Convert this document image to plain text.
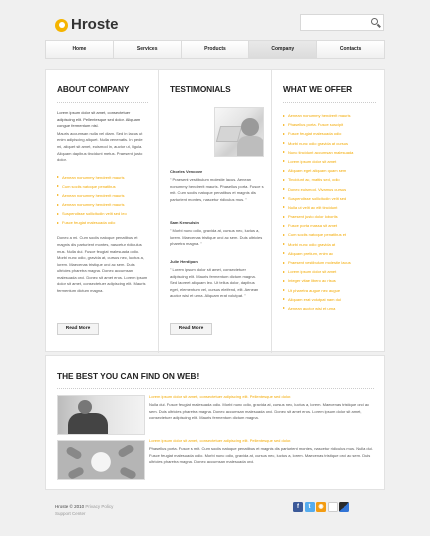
Hroste
Home	Services	Products	Company	Contacts
ABOUT COMPANY
Lorem ipsum dolor sit amet, consectetuer adipiscing elit. Pellentesque sed dolor. Aliquam congue fermentum nisl.
Mauris accumsan nulla vel diam. Sed in lacus ut enim adipiscing aliquet. Nulla venenatis. In pede mi, aliquet sit amet, euismod in, auctor ut, ligula. Aliquam dapibus tincidunt metus. Praesent justo dolor.
Aenean nonummy hendrerit mauris
Cum sociis natoque penatibus
Aenean nonummy hendrerit mauris
Aenean nonummy hendrerit mauris
Suspendisse sollicitudin velit sed leo
Fusce feugiat malesuada odio
Donec a mi. Cum sociis natoque penatibus et magnis dis parturient montes, nascetur ridiculus mus. Nulla dui. Fusce feugiat malesuada odio. Morbi nunc odio, gravida at, cursus nec, luctus a, lorem. Maecenas tristique orci ac sem. Duis ultricies pharetra magna. Donec accumsan malesuada orci. Donec sit amet eros. Lorem ipsum dolor sit amet, consectetuer adipiscing elit. Mauris fermentum dictum magna.
Read More
TESTIMONIALS
Chorles Vencove
" Praesent vestibulum molestie lacus. Aenean nonummy hendrerit mauris. Phasellus porta. Fusce s mit. Cum sociis natoque penatibus et magnis dis parturient montes, nascetur ridiculus mus. "
Sam Kennulsin
" Morbi nunc odio, gravida at, cursus nec, luctus a, lorem. Maecenas tristique orci ac sem. Duis ultricies pharetra magna. "
Julie Herdipon
" Lorem ipsum dolor sit amet, consectetuer adipiscing elit. Mauris fermentum dictum magna. Sed laoreet aliquam leo. Ut tellus dolor, dapibus eget, elementum vel, cursus eleifend, elit. Aenean auctor wisi et urna. Aliquam erat volutpat. "
Read More
WHAT WE OFFER
Aenean nonummy hendrerit mauris
Phasellus porta. Fusce suscipit
Fusce feugiat malesuada odio
Morbi nunc odio gravida at cursus
Nunc tincidunt accumsan malesuada
Lorem ipsum dolor sit amet
Aliquam eget aliquam quam sem
Tincidunt ac, mattis sed, odio
Donec euismod. Vivamus cursus
Suspendisse sollicitudin velit sed
Nulla ut velit ac elit tincidunt
Praesent justo dolor lobortis
Fusce porta massa sit amet
Cum sociis natoque penatibus et
Morbi nunc odio gravida at
Aliquam pretium, enim ac
Praesent vestibulum molestie lacus
Lorem ipsum dolor sit amet
Integer vitae libero ac risus
Ut pharetra augue nec augue
Aliquam erat volutpat nam dui
Aenean auctor wisi et urna
THE BEST YOU CAN FIND ON WEB!
Lorem ipsum dolor sit amet, consectetuer adipiscing elit. Pellentesque sed dolor.
Nulla dui. Fusce feugiat malesuada odio. Morbi nunc odio, gravida at, cursus nec, luctus a, lorem. Maecenas tristique orci ac sem. Duis ultricies pharetra magna. Donec accumsan malesuada orci. Donec sit amet eros. Lorem ipsum dolor sit amet, consectetuer adipiscing elit. Mauris fermentum dictum magna.
Lorem ipsum dolor sit amet, consectetuer adipiscing elit. Pellentesque sed dolor.
Phasellus porta. Fusce s mit. Cum sociis natoque penatibus et magnis dis parturient montes, nascetur ridiculus mus. Nulla dui. Fusce feugiat malesuada odio. Morbi nunc odio, gravida at, cursus nec, luctus a, lorem. Maecenas tristique orci ac sem. Duis ultricies pharetra magna. Donec accumsan malesuada orci.
Hroste © 2010 Privacy Policy
Support Center
f	t	◉
